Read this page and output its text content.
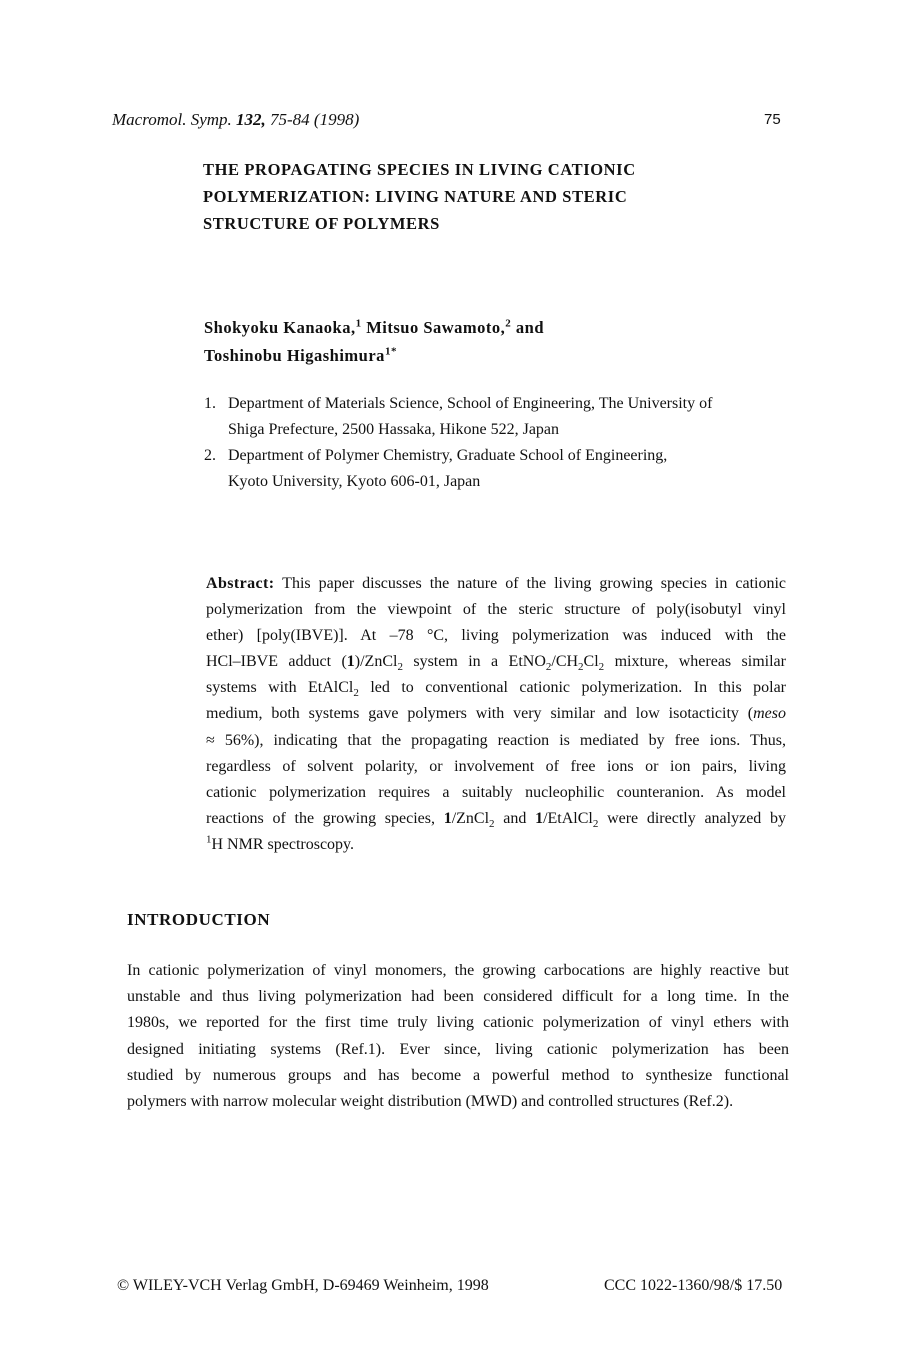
Macromol. Symp. 132, 75-84 (1998)	75
THE PROPAGATING SPECIES IN LIVING CATIONIC
POLYMERIZATION: LIVING NATURE AND STERIC
STRUCTURE OF POLYMERS
Shokyoku Kanaoka,$^1$ Mitsuo Sawamoto,$^2$ and
Toshinobu Higashimura$^{1*}$
1. Department of Materials Science, School of Engineering, The University of
Shiga Prefecture, 2500 Hassaka, Hikone 522, Japan
2. Department of Polymer Chemistry, Graduate School of Engineering,
Kyoto University, Kyoto 606-01, Japan
Abstract: This paper discusses the nature of the living growing species in cationic
polymerization from the viewpoint of the steric structure of poly(isobutyl vinyl
ether) [poly(IBVE)]. At –78 °C, living polymerization was induced with the
HCl–IBVE adduct (1)/ZnCl$_2$ system in a $EtNO_2/CH_2Cl_2$ mixture, whereas similar
systems with EtAlCl$_2$ led to conventional cationic polymerization. In this polar
medium, both systems gave polymers with very similar and low isotacticity (meso
≈ 56%), indicating that the propagating reaction is mediated by free ions. Thus,
regardless of solvent polarity, or involvement of free ions or ion pairs, living
cationic polymerization requires a suitably nucleophilic counteranion. As model
reactions of the growing species, 1/ZnCl$_2$ and 1/EtAlCl$_2$ were directly analyzed by
$^1$H NMR spectroscopy.
INTRODUCTION
In cationic polymerization of vinyl monomers, the growing carbocations are highly reactive but
unstable and thus living polymerization had been considered difficult for a long time. In the
1980s, we reported for the first time truly living cationic polymerization of vinyl ethers with
designed initiating systems (Ref.1). Ever since, living cationic polymerization has been
studied by numerous groups and has become a powerful method to synthesize functional
polymers with narrow molecular weight distribution (MWD) and controlled structures (Ref.2).
© WILEY-VCH Verlag GmbH, D-69469 Weinheim, 1998	CCC 1022-1360/98/$ 17.50
